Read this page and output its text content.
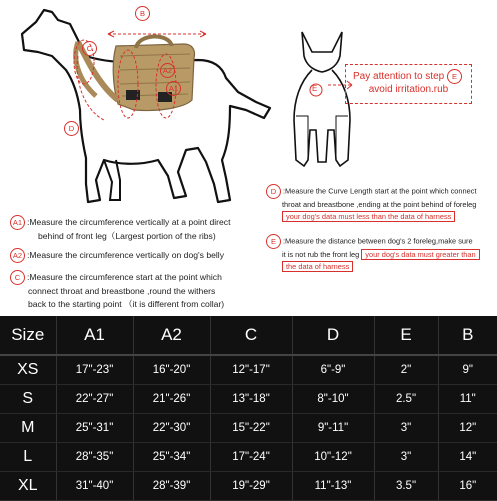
B
C
A2
A1
D
E
Pay attention to step E
avoid irritation.rub
A1 :Measure the circumference vertically at a point direct
behind of front leg（Largest portion of the ribs)
A2 :Measure the circumference vertically on dog's belly
C :Measure the circumference start at the point which
connect throat and breastbone ,round the withers
back to the starting point （it is different from collar)
D :Measure the Curve Length start at the point which connect
throat and breastbone ,ending at the point behind of foreleg
your dog's data must less than the data of harness
E :Measure the distance between dog's 2 foreleg,make sure
it is not rub the front leg your dog's data must greater than
the data of harness
Size	A1	A2	C	D	E	B
XS	17"-23"	16"-20"	12"-17"	6"-9"	2"	9"
S	22"-27"	21"-26"	13"-18"	8"-10"	2.5"	11"
M	25"-31"	22"-30"	15"-22"	9"-11"	3"	12"
L	28"-35"	25"-34"	17"-24"	10"-12"	3"	14"
XL	31"-40"	28"-39"	19"-29"	11"-13"	3.5"	16"
